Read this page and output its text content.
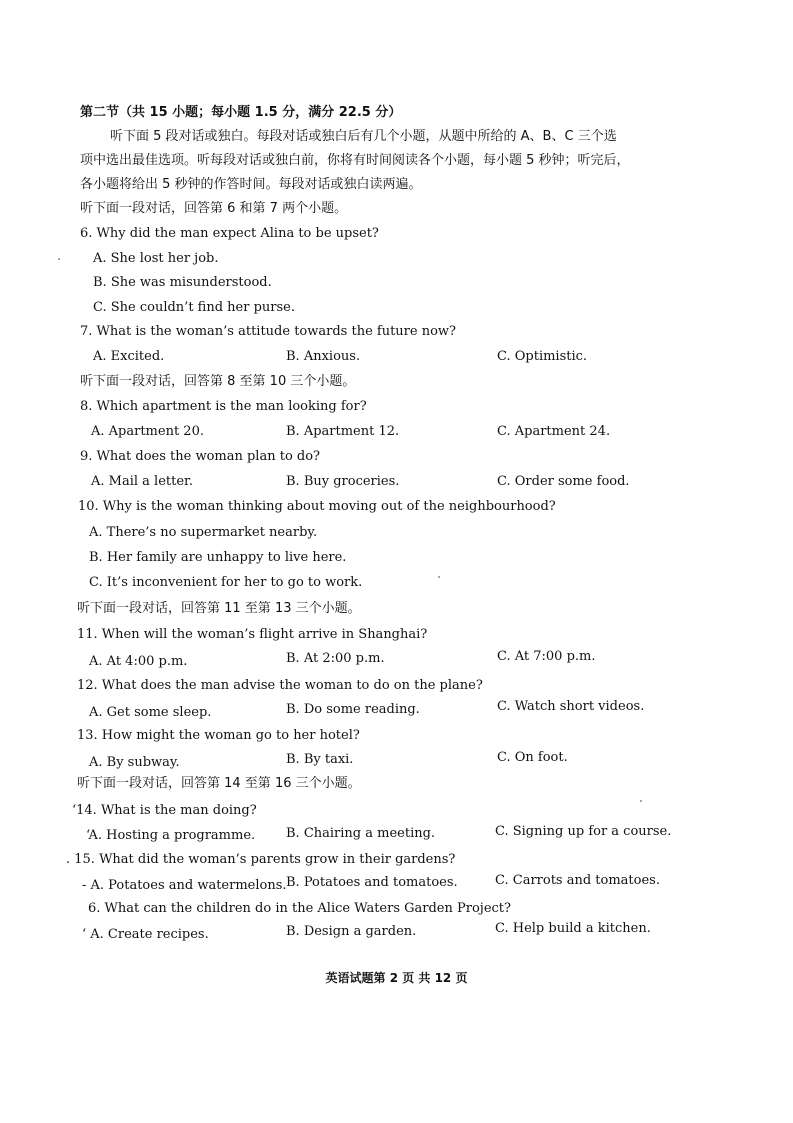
第二节（共 15 小题；每小题 1.5 分，满分 22.5 分）
听下面 5 段对话或独白。每段对话或独白后有几个小题，从题中所给的 A、B、C 三个选
项中选出最佳选项。听每段对话或独白前，你将有时间阅读各个小题，每小题 5 秒钟；听完后，
各小题将给出 5 秒钟的作答时间。每段对话或独白读两遍。
听下面一段对话，回答第 6 和第 7 两个小题。
6. Why did the man expect Alina to be upset?
A. She lost her job.
B. She was misunderstood.
C. She couldn’t find her purse.
7. What is the woman’s attitude towards the future now?
A. Excited.	B. Anxious.	C. Optimistic.
听下面一段对话，回答第 8 至第 10 三个小题。
8. Which apartment is the man looking for?
A. Apartment 20.	B. Apartment 12.	C. Apartment 24.
9. What does the woman plan to do?
A. Mail a letter.	B. Buy groceries.	C. Order some food.
10. Why is the woman thinking about moving out of the neighbourhood?
A. There’s no supermarket nearby.
B. Her family are unhappy to live here.
C. It’s inconvenient for her to go to work.
听下面一段对话，回答第 11 至第 13 三个小题。
11. When will the woman’s flight arrive in Shanghai?
A. At 4:00 p.m.	B. At 2:00 p.m.	C. At 7:00 p.m.
12. What does the man advise the woman to do on the plane?
A. Get some sleep.	B. Do some reading.	C. Watch short videos.
13. How might the woman go to her hotel?
A. By subway.	B. By taxi.	C. On foot.
听下面一段对话，回答第 14 至第 16 三个小题。
‘14. What is the man doing?
‘A. Hosting a programme. B. Chairing a meeting.	C. Signing up for a course.
. 15. What did the woman’s parents grow in their gardens?
- A. Potatoes and watermelons. B. Potatoes and tomatoes.	C. Carrots and tomatoes.
6. What can the children do in the Alice Waters Garden Project?
‘ A. Create recipes.	B. Design a garden.	C. Help build a kitchen.
英语试题第 2 页 共 12 页
